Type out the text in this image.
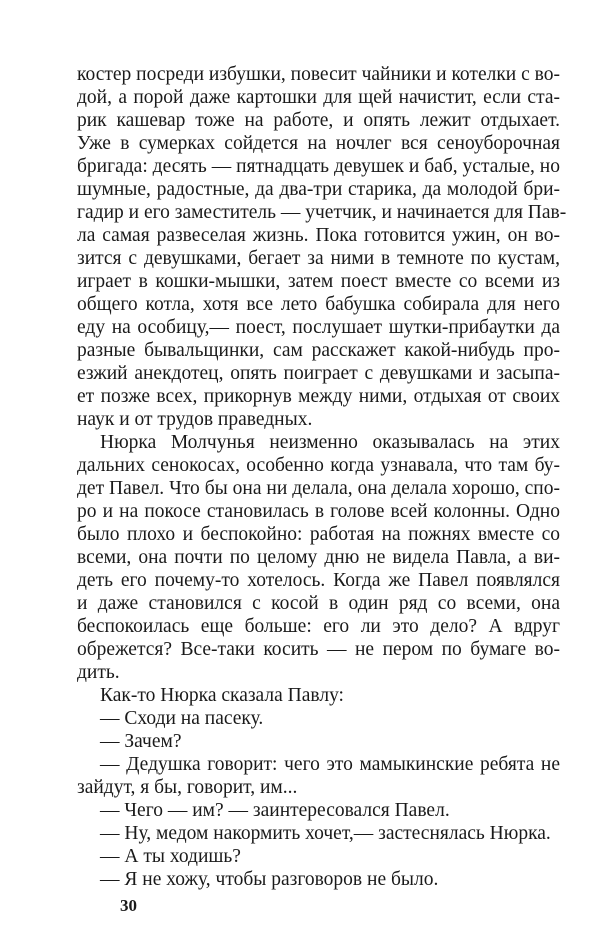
костер посреди избушки, повесит чайники и котелки с во-
дой, а порой даже картошки для щей начистит, если ста-
рик кашевар тоже на работе, и опять лежит отдыхает.
Уже в сумерках сойдется на ночлег вся сеноуборочная
бригада: десять — пятнадцать девушек и баб, усталые, но
шумные, радостные, да два-три старика, да молодой бри-
гадир и его заместитель — учетчик, и начинается для Пав-
ла самая развеселая жизнь. Пока готовится ужин, он во-
зится с девушками, бегает за ними в темноте по кустам,
играет в кошки-мышки, затем поест вместе со всеми из
общего котла, хотя все лето бабушка собирала для него
еду на особицу,— поест, послушает шутки-прибаутки да
разные бывальщинки, сам расскажет какой-нибудь про-
езжий анекдотец, опять поиграет с девушками и засыпа-
ет позже всех, прикорнув между ними, отдыхая от своих
наук и от трудов праведных.
Нюрка Молчунья неизменно оказывалась на этих
дальних сенокосах, особенно когда узнавала, что там бу-
дет Павел. Что бы она ни делала, она делала хорошо, спо-
ро и на покосе становилась в голове всей колонны. Одно
было плохо и беспокойно: работая на пожнях вместе со
всеми, она почти по целому дню не видела Павла, а ви-
деть его почему-то хотелось. Когда же Павел появлялся
и даже становился с косой в один ряд со всеми, она
беспокоилась еще больше: его ли это дело? А вдруг
обрежется? Все-таки косить — не пером по бумаге во-
дить.
Как-то Нюрка сказала Павлу:
— Сходи на пасеку.
— Зачем?
— Дедушка говорит: чего это мамыкинские ребята не
зайдут, я бы, говорит, им...
— Чего — им? — заинтересовался Павел.
— Ну, медом накормить хочет,— застеснялась Нюрка.
— А ты ходишь?
— Я не хожу, чтобы разговоров не было.
30
